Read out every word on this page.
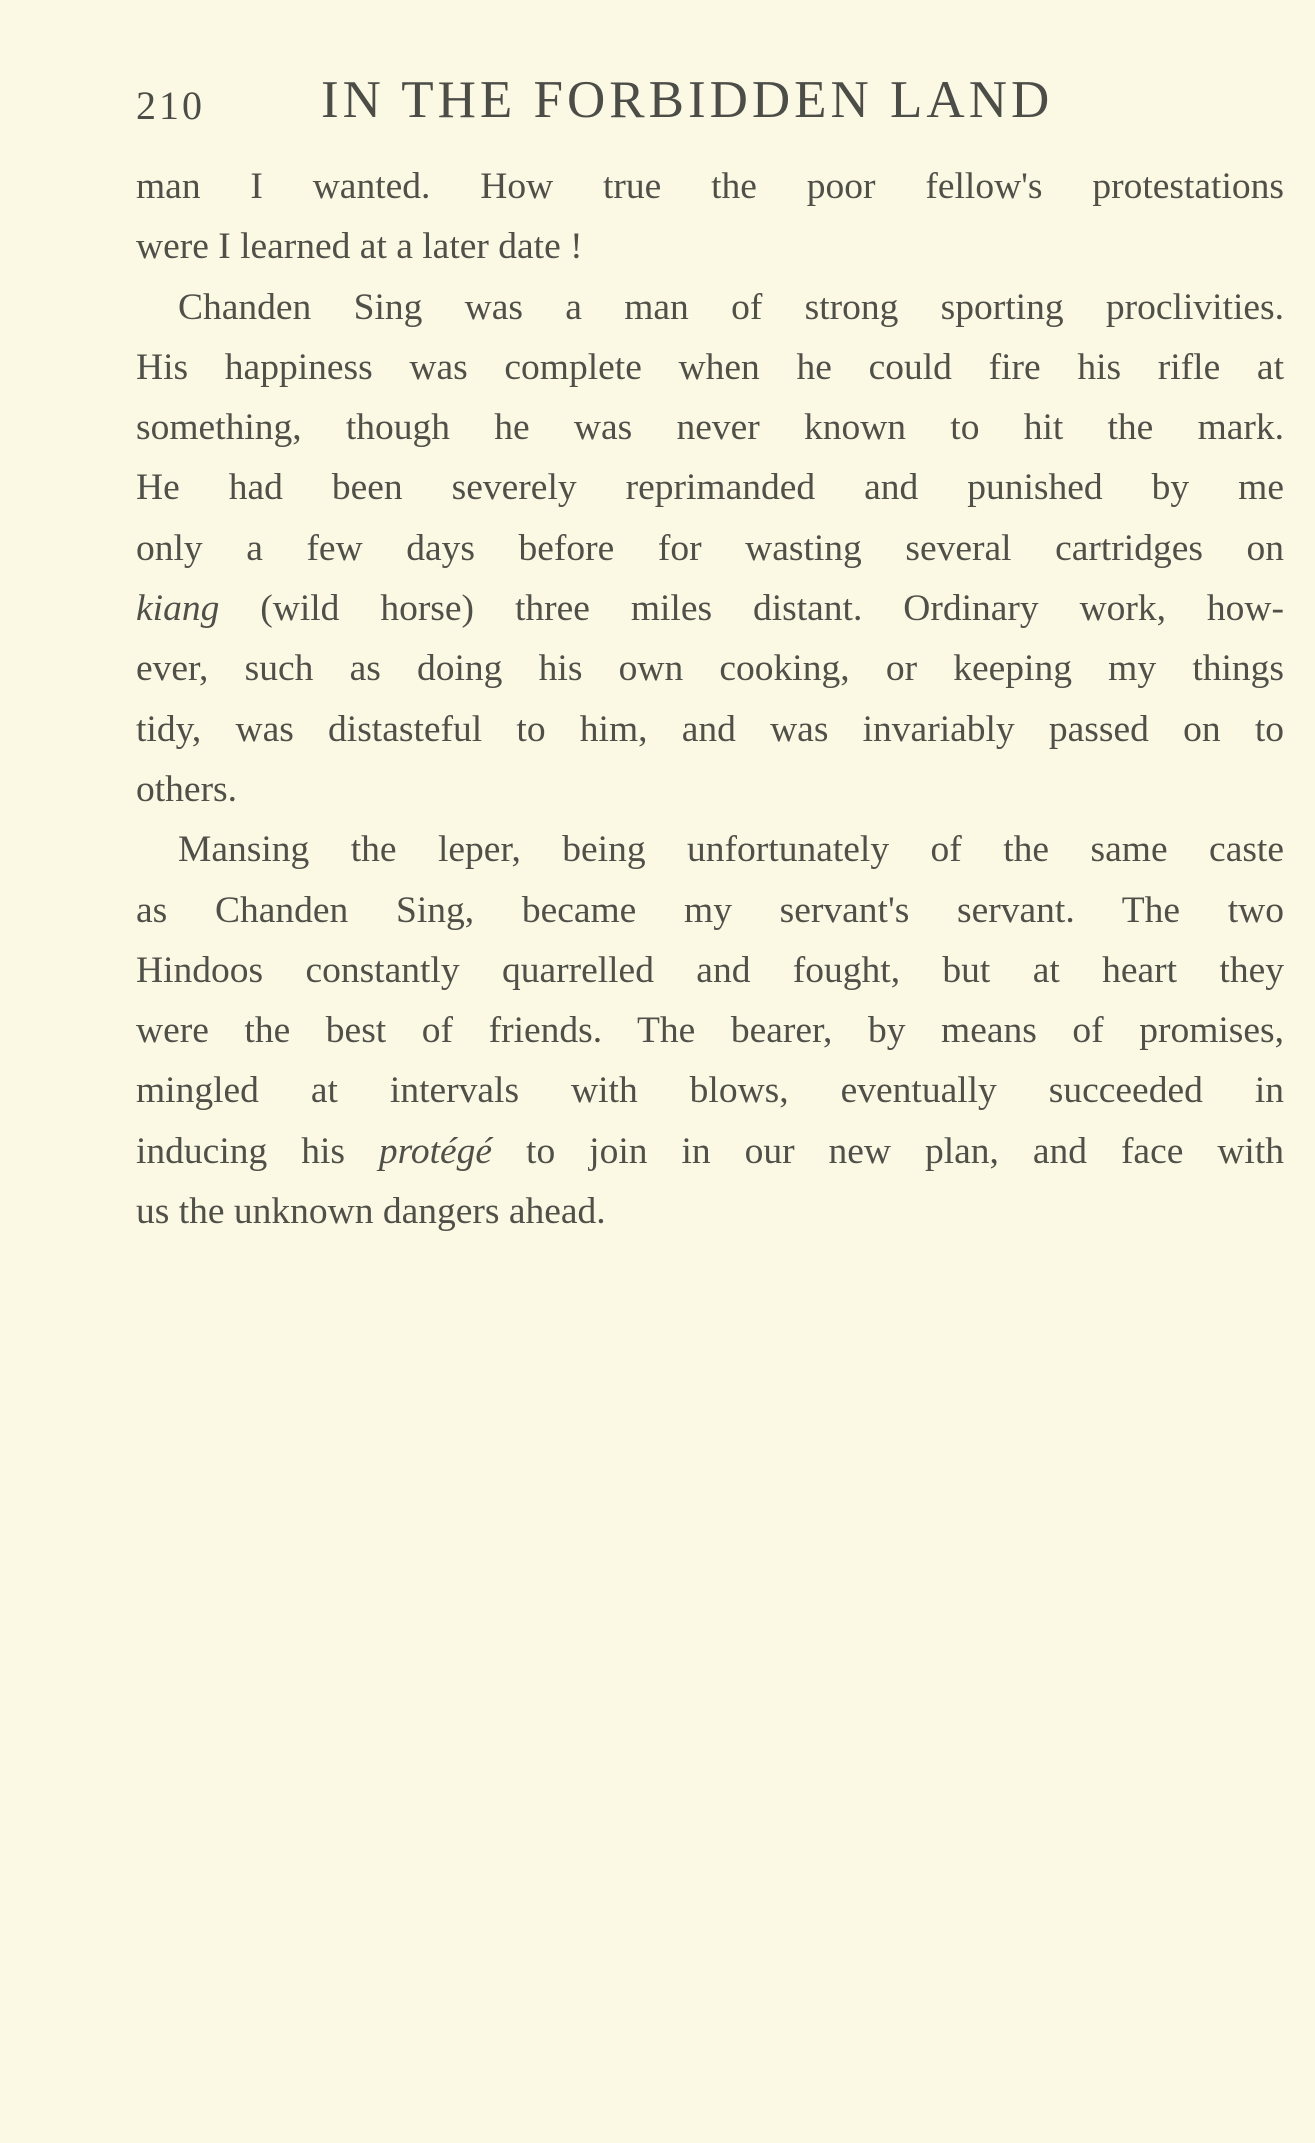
210 IN THE FORBIDDEN LAND
man I wanted. How true the poor fellow's protestations
were I learned at a later date !
Chanden Sing was a man of strong sporting proclivities.
His happiness was complete when he could fire his rifle at
something, though he was never known to hit the mark.
He had been severely reprimanded and punished by me
only a few days before for wasting several cartridges on
kiang (wild horse) three miles distant. Ordinary work, how-
ever, such as doing his own cooking, or keeping my things
tidy, was distasteful to him, and was invariably passed on to
others.
Mansing the leper, being unfortunately of the same caste
as Chanden Sing, became my servant's servant. The two
Hindoos constantly quarrelled and fought, but at heart they
were the best of friends. The bearer, by means of promises,
mingled at intervals with blows, eventually succeeded in
inducing his protégé to join in our new plan, and face with
us the unknown dangers ahead.
